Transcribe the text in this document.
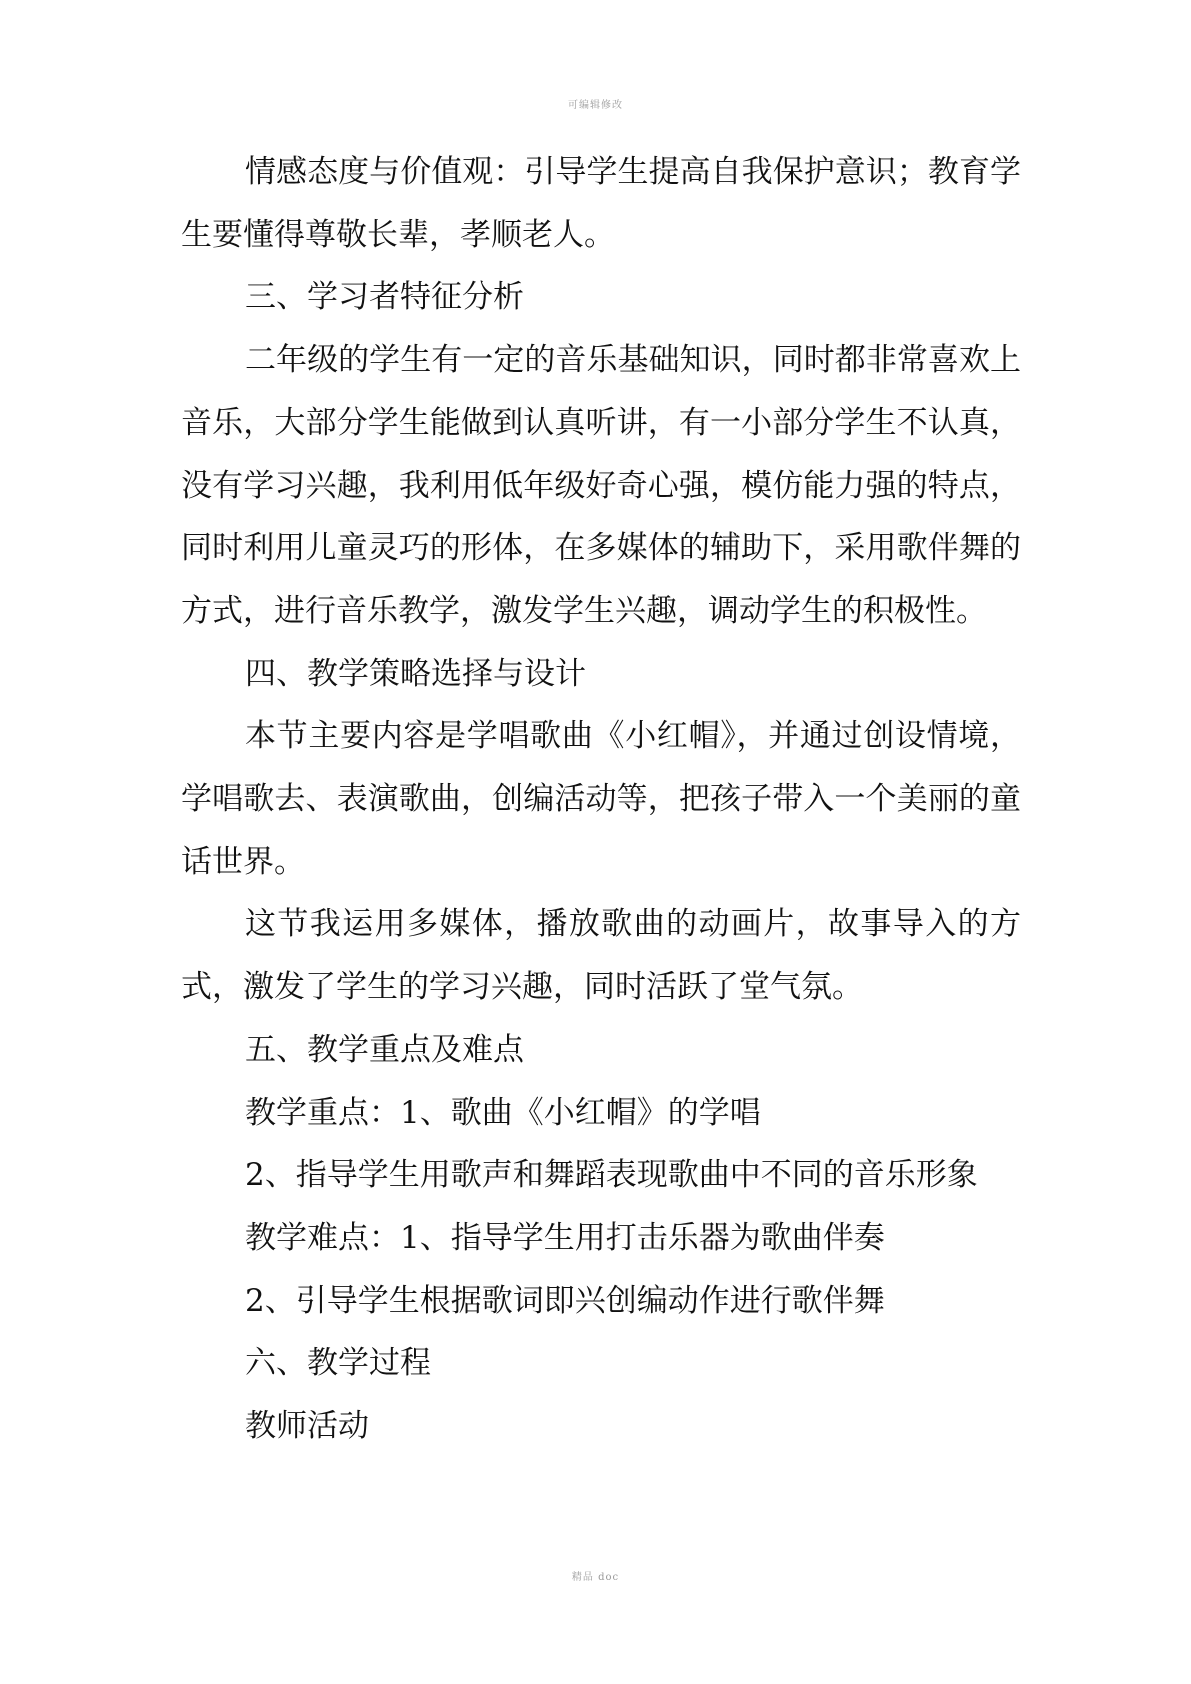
可编辑修改

情感态度与价值观：引导学生提高自我保护意识；教育学生要懂得尊敬长辈，孝顺老人。

三、学习者特征分析

二年级的学生有一定的音乐基础知识，同时都非常喜欢上音乐，大部分学生能做到认真听讲，有一小部分学生不认真，没有学习兴趣，我利用低年级好奇心强，模仿能力强的特点，同时利用儿童灵巧的形体，在多媒体的辅助下，采用歌伴舞的方式，进行音乐教学，激发学生兴趣，调动学生的积极性。

四、教学策略选择与设计

本节主要内容是学唱歌曲《小红帽》，并通过创设情境，学唱歌去、表演歌曲，创编活动等，把孩子带入一个美丽的童话世界。

这节我运用多媒体，播放歌曲的动画片，故事导入的方式，激发了学生的学习兴趣，同时活跃了堂气氛。

五、教学重点及难点

教学重点：1、歌曲《小红帽》的学唱

2、指导学生用歌声和舞蹈表现歌曲中不同的音乐形象

教学难点：1、指导学生用打击乐器为歌曲伴奏

2、引导学生根据歌词即兴创编动作进行歌伴舞

六、教学过程

教师活动

精品 doc
